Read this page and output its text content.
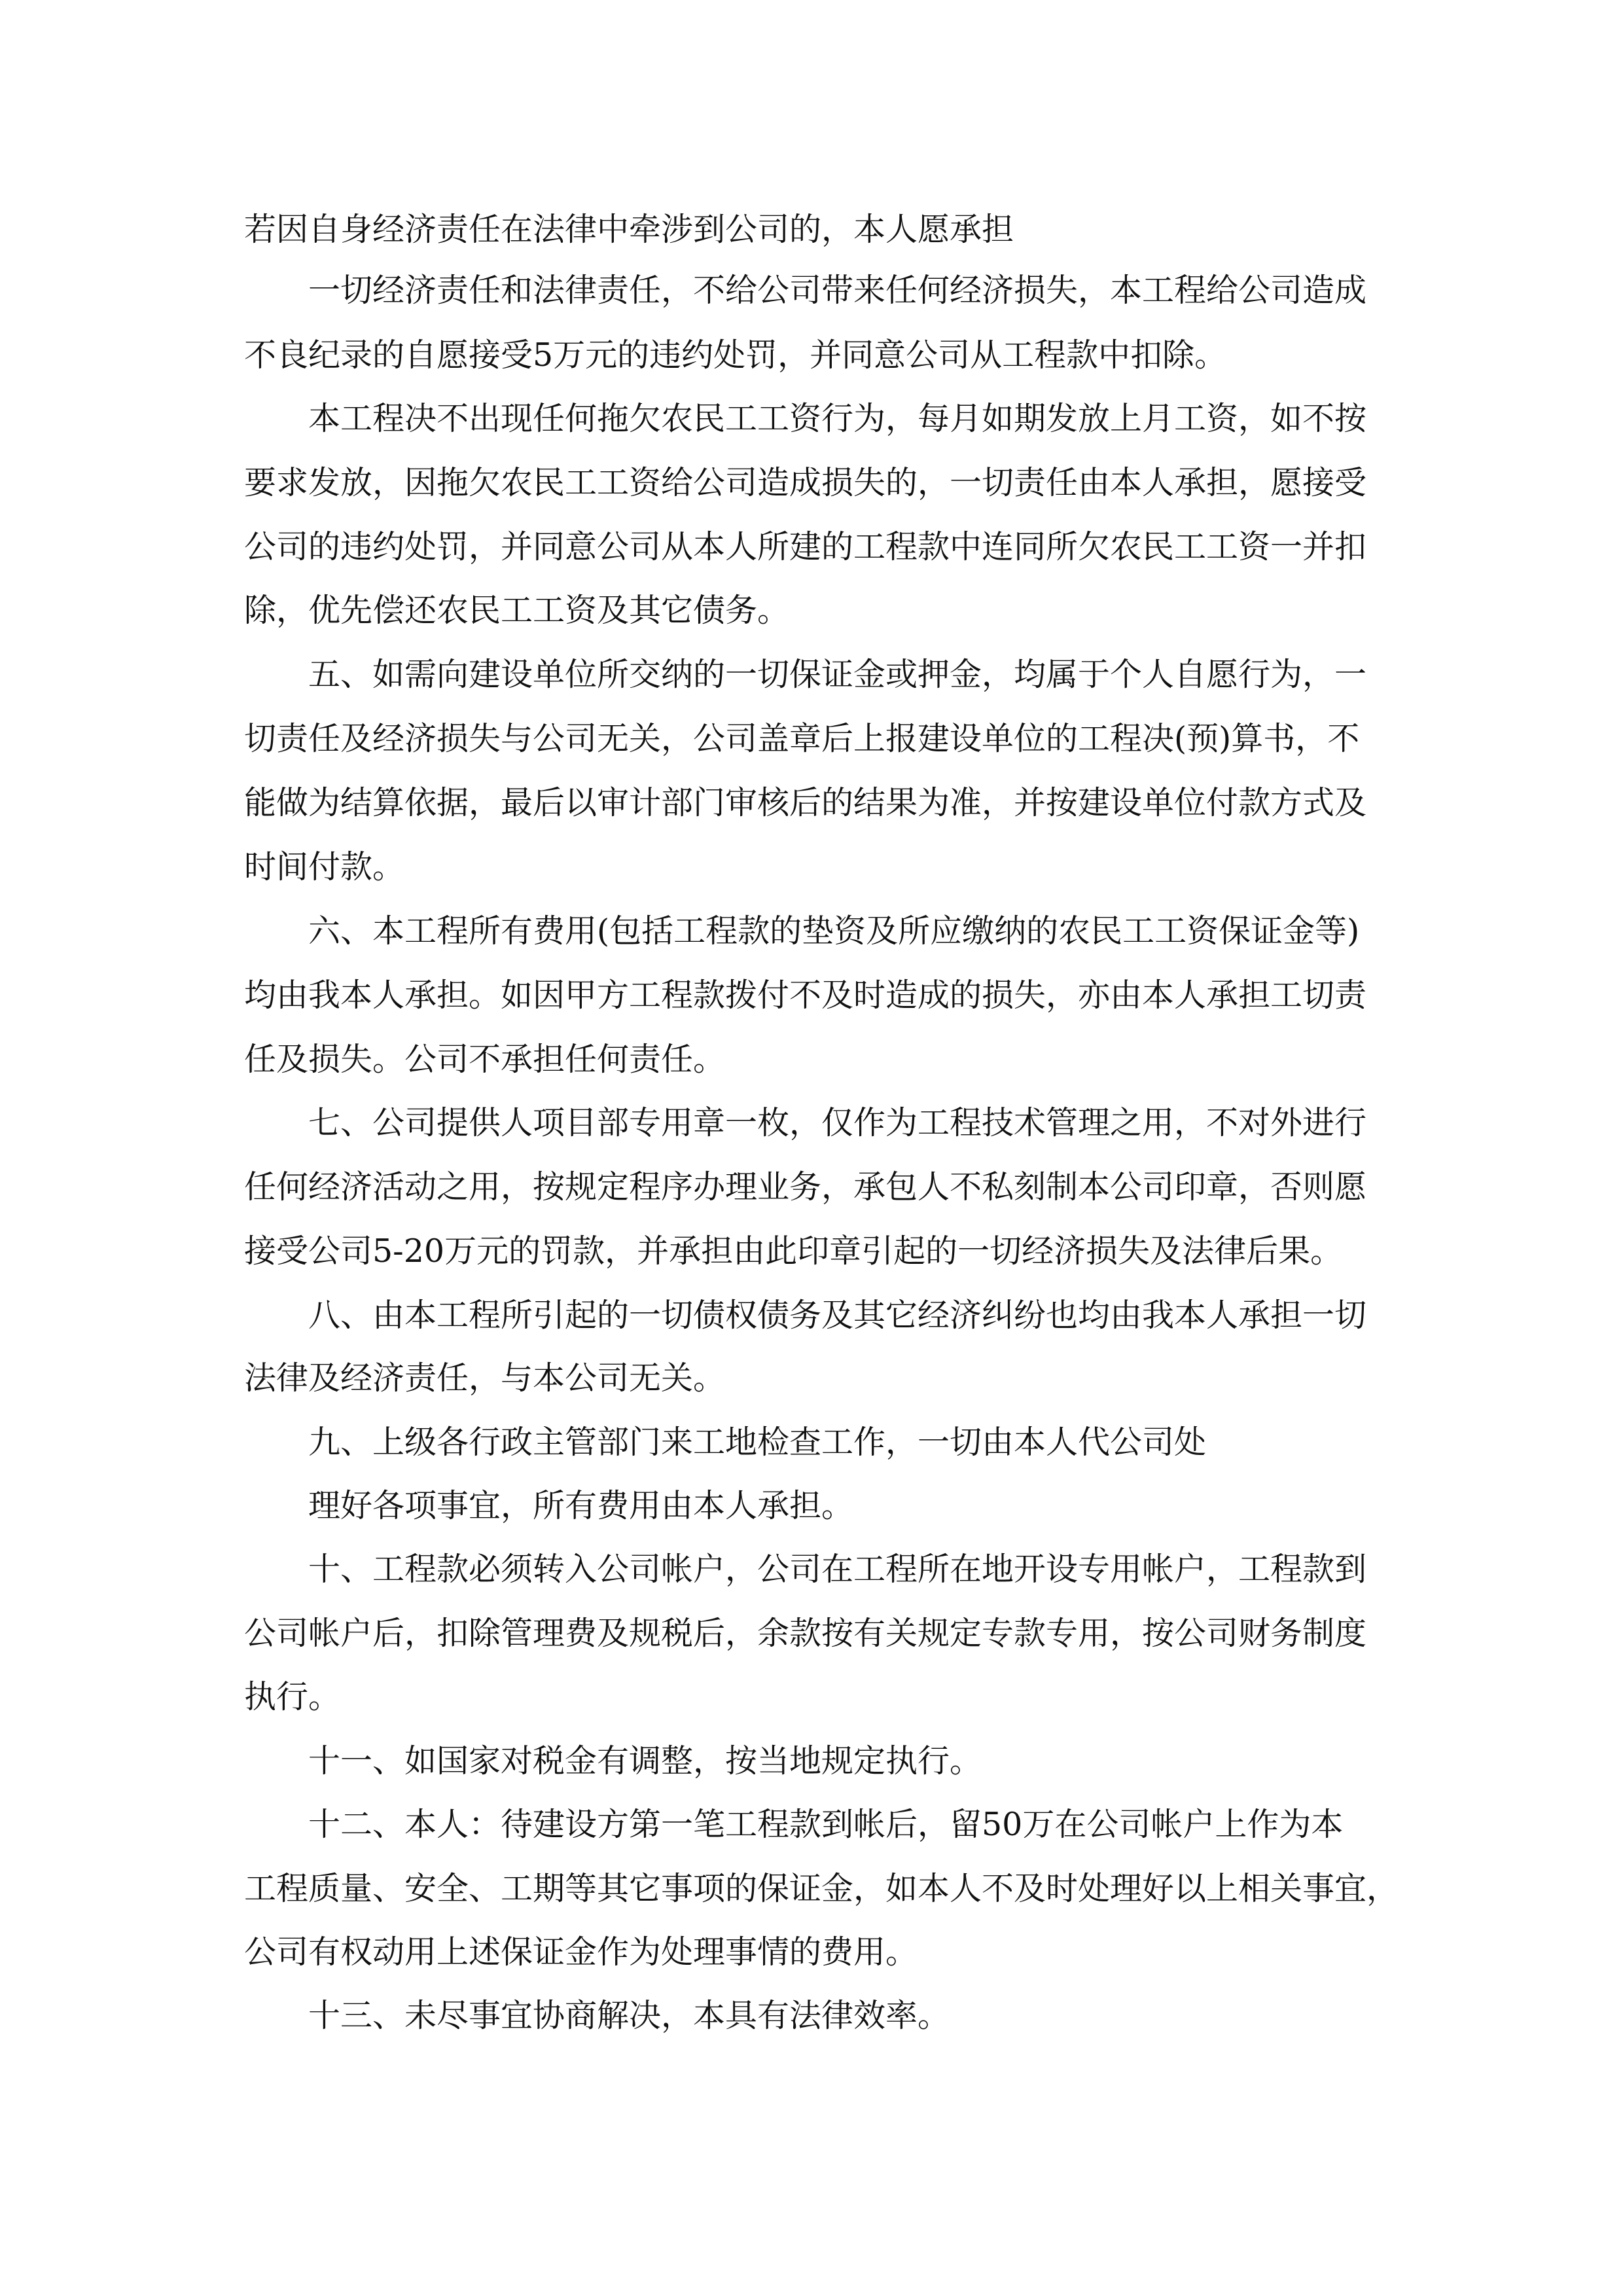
若因自身经济责任在法律中牵涉到公司的，本人愿承担
一切经济责任和法律责任，不给公司带来任何经济损失，本工程给公司造成
不良纪录的自愿接受5万元的违约处罚，并同意公司从工程款中扣除。
本工程决不出现任何拖欠农民工工资行为，每月如期发放上月工资，如不按
要求发放，因拖欠农民工工资给公司造成损失的，一切责任由本人承担，愿接受
公司的违约处罚，并同意公司从本人所建的工程款中连同所欠农民工工资一并扣
除，优先偿还农民工工资及其它债务。
五、如需向建设单位所交纳的一切保证金或押金，均属于个人自愿行为，一
切责任及经济损失与公司无关，公司盖章后上报建设单位的工程决(预)算书，不
能做为结算依据，最后以审计部门审核后的结果为准，并按建设单位付款方式及
时间付款。
六、本工程所有费用(包括工程款的垫资及所应缴纳的农民工工资保证金等)
均由我本人承担。如因甲方工程款拨付不及时造成的损失，亦由本人承担工切责
任及损失。公司不承担任何责任。
七、公司提供人项目部专用章一枚，仅作为工程技术管理之用，不对外进行
任何经济活动之用，按规定程序办理业务，承包人不私刻制本公司印章，否则愿
接受公司5-20万元的罚款，并承担由此印章引起的一切经济损失及法律后果。
八、由本工程所引起的一切债权债务及其它经济纠纷也均由我本人承担一切
法律及经济责任，与本公司无关。
九、上级各行政主管部门来工地检查工作，一切由本人代公司处
理好各项事宜，所有费用由本人承担。
十、工程款必须转入公司帐户，公司在工程所在地开设专用帐户，工程款到
公司帐户后，扣除管理费及规税后，余款按有关规定专款专用，按公司财务制度
执行。
十一、如国家对税金有调整，按当地规定执行。
十二、本人：待建设方第一笔工程款到帐后，留50万在公司帐户上作为本
工程质量、安全、工期等其它事项的保证金，如本人不及时处理好以上相关事宜，
公司有权动用上述保证金作为处理事情的费用。
十三、未尽事宜协商解决，本具有法律效率。
